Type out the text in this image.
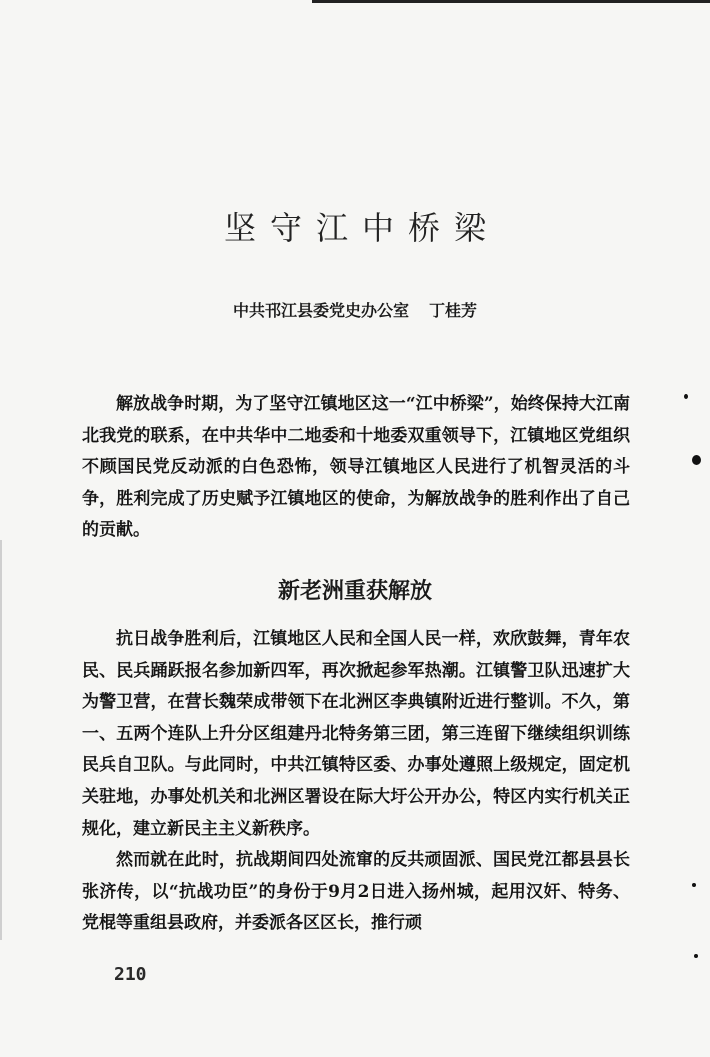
坚守江中桥梁
中共邗江县委党史办公室 丁桂芳

解放战争时期，为了坚守江镇地区这一“江中桥梁”，始终保持大江南北我党的联系，在中共华中二地委和十地委双重领导下，江镇地区党组织不顾国民党反动派的白色恐怖，领导江镇地区人民进行了机智灵活的斗争，胜利完成了历史赋予江镇地区的使命，为解放战争的胜利作出了自己的贡献。

新老洲重获解放

抗日战争胜利后，江镇地区人民和全国人民一样，欢欣鼓舞，青年农民、民兵踊跃报名参加新四军，再次掀起参军热潮。江镇警卫队迅速扩大为警卫营，在营长魏荣成带领下在北洲区李典镇附近进行整训。不久，第一、五两个连队上升分区组建丹北特务第三团，第三连留下继续组织训练民兵自卫队。与此同时，中共江镇特区委、办事处遵照上级规定，固定机关驻地，办事处机关和北洲区署设在际大圩公开办公，特区内实行机关正规化，建立新民主主义新秩序。

然而就在此时，抗战期间四处流窜的反共顽固派、国民党江都县县长张济传，以“抗战功臣”的身份于9月2日进入扬州城，起用汉奸、特务、党棍等重组县政府，并委派各区区长，推行顽

210
